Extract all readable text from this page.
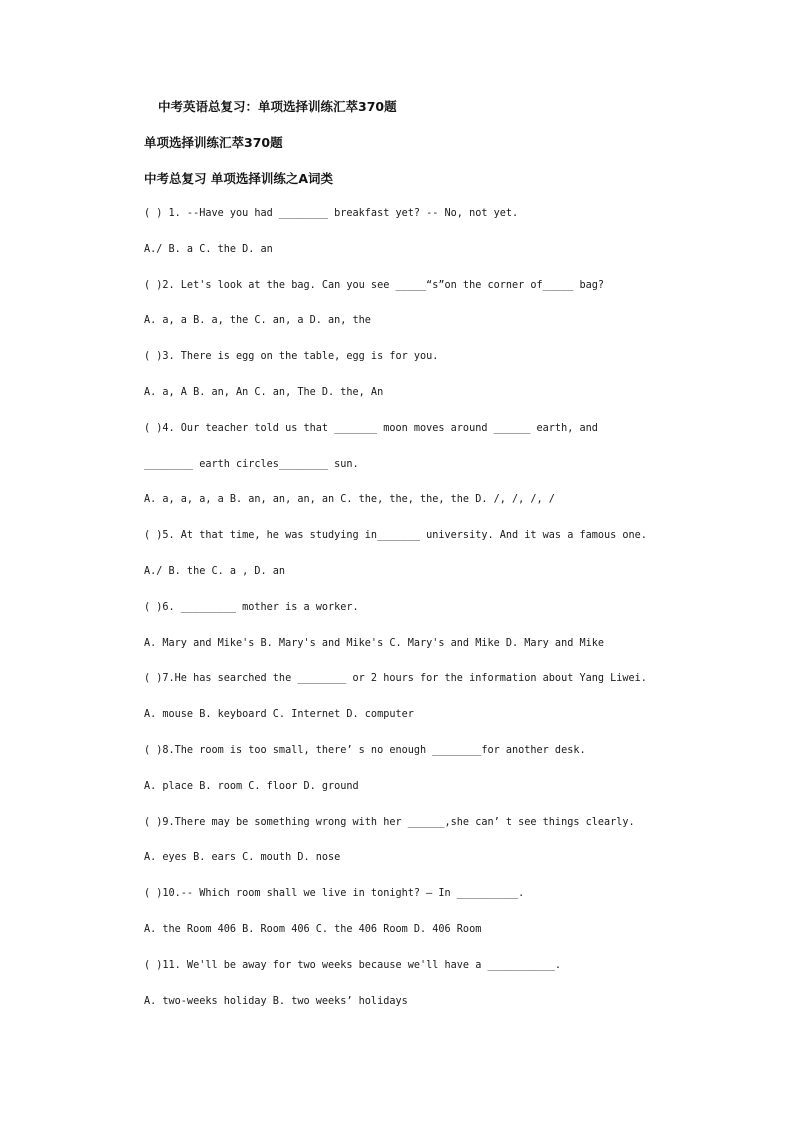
中考英语总复习：单项选择训练汇萃370题
单项选择训练汇萃370题
中考总复习 单项选择训练之A词类
( ) 1. --Have you had ________ breakfast yet? -- No, not yet.
A./ B. a C. the D. an
( )2. Let's look at the bag. Can you see _____“s”on the corner of_____ bag?
A. a, a B. a, the C. an, a D. an, the
( )3. There is egg on the table, egg is for you.
A. a, A B. an, An C. an, The D. the, An
( )4. Our teacher told us that _______ moon moves around ______ earth, and
________ earth circles________ sun.
A. a, a, a, a B. an, an, an, an C. the, the, the, the D. /, /, /, /
( )5. At that time, he was studying in_______ university. And it was a famous one.
A./ B. the C. a , D. an
( )6. _________ mother is a worker.
A. Mary and Mike's B. Mary's and Mike's C. Mary's and Mike D. Mary and Mike
( )7.He has searched the ________ or 2 hours for the information about Yang Liwei.
A. mouse B. keyboard C. Internet D. computer
( )8.The room is too small, there’ s no enough ________for another desk.
A. place B. room C. floor D. ground
( )9.There may be something wrong with her ______,she can’ t see things clearly.
A. eyes B. ears C. mouth D. nose
( )10.-- Which room shall we live in tonight? — In __________.
A. the Room 406 B. Room 406 C. the 406 Room D. 406 Room
( )11. We'll be away for two weeks because we'll have a ___________.
A. two-weeks holiday B. two weeks’ holidays
